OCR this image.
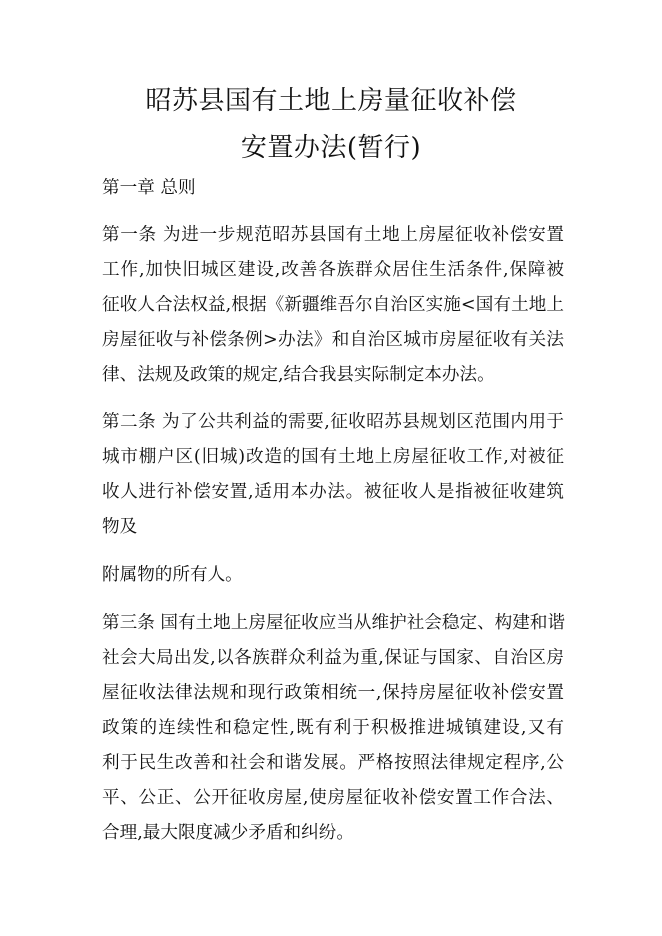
昭苏县国有土地上房量征收补偿
安置办法(暂行)
第一章 总则
第一条 为进一步规范昭苏县国有土地上房屋征收补偿安置
工作,加快旧城区建设,改善各族群众居住生活条件,保障被
征收人合法权益,根据《新疆维吾尔自治区实施<国有土地上
房屋征收与补偿条例>办法》和自治区城市房屋征收有关法
律、法规及政策的规定,结合我县实际制定本办法。
第二条 为了公共利益的需要,征收昭苏县规划区范围内用于
城市棚户区(旧城)改造的国有土地上房屋征收工作,对被征
收人进行补偿安置,适用本办法。被征收人是指被征收建筑
物及
附属物的所有人。
第三条 国有土地上房屋征收应当从维护社会稳定、构建和谐
社会大局出发,以各族群众利益为重,保证与国家、自治区房
屋征收法律法规和现行政策相统一,保持房屋征收补偿安置
政策的连续性和稳定性,既有利于积极推进城镇建设,又有
利于民生改善和社会和谐发展。严格按照法律规定程序,公
平、公正、公开征收房屋,使房屋征收补偿安置工作合法、
合理,最大限度减少矛盾和纠纷。
